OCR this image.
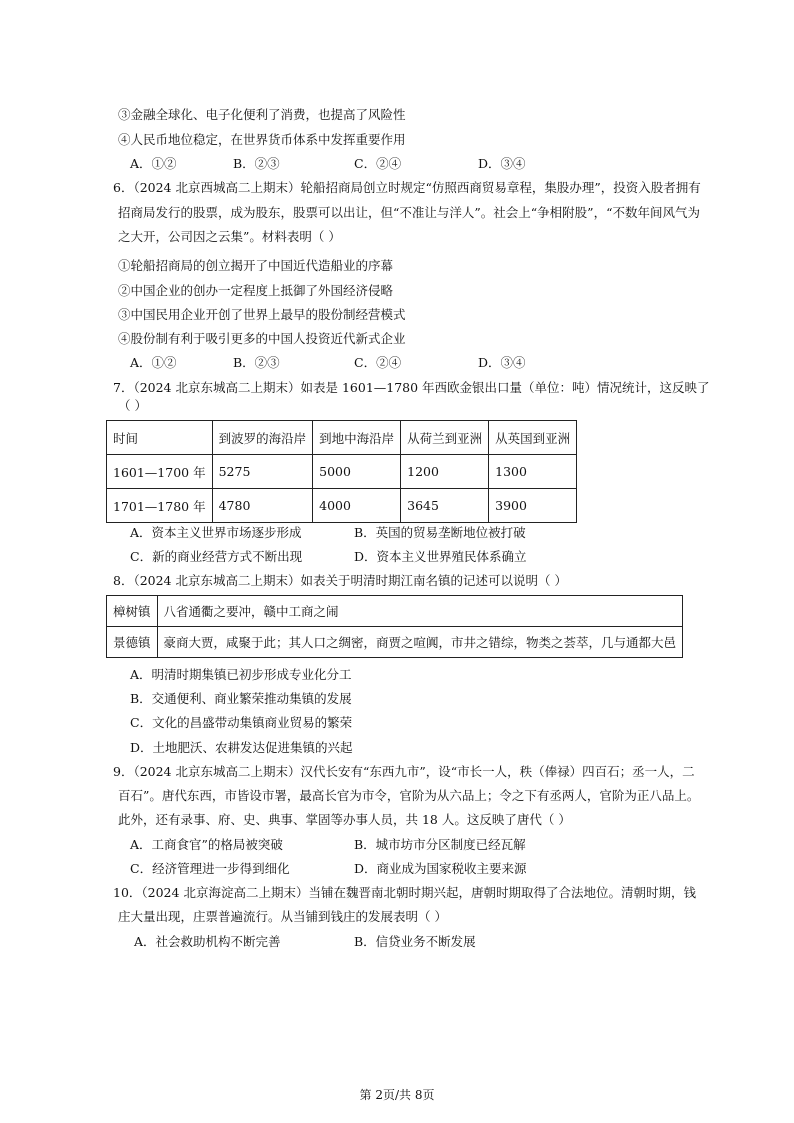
③金融全球化、电子化便利了消费，也提高了风险性
④人民币地位稳定，在世界货币体系中发挥重要作用
A．①②	B．②③	C．②④	D．③④
6．（2024 北京西城高二上期末）轮船招商局创立时规定“仿照西商贸易章程，集股办理”，投资入股者拥有
招商局发行的股票，成为股东，股票可以出让，但“不准让与洋人”。社会上“争相附股”，“不数年间风气为
之大开，公司因之云集”。材料表明（ ）
①轮船招商局的创立揭开了中国近代造船业的序幕
②中国企业的创办一定程度上抵御了外国经济侵略
③中国民用企业开创了世界上最早的股份制经营模式
④股份制有利于吸引更多的中国人投资近代新式企业
A．①②	B．②③	C．②④	D．③④
7．（2024 北京东城高二上期末）如表是 1601—1780 年西欧金银出口量（单位：吨）情况统计，这反映了
（ ）
时间	到波罗的海沿岸	到地中海沿岸	从荷兰到亚洲	从英国到亚洲
1601—1700 年	5275	5000	1200	1300
1701—1780 年	4780	4000	3645	3900
A．资本主义世界市场逐步形成	B．英国的贸易垄断地位被打破
C．新的商业经营方式不断出现	D．资本主义世界殖民体系确立
8．（2024 北京东城高二上期末）如表关于明清时期江南名镇的记述可以说明（ ）
樟树镇	八省通衢之要冲，赣中工商之闹
景德镇	豪商大贾，咸聚于此；其人口之绸密，商贾之喧阗，市井之错综，物类之荟萃，几与通都大邑
A．明清时期集镇已初步形成专业化分工
B．交通便利、商业繁荣推动集镇的发展
C．文化的昌盛带动集镇商业贸易的繁荣
D．土地肥沃、农耕发达促进集镇的兴起
9．（2024 北京东城高二上期末）汉代长安有“东西九市”，设“市长一人，秩（俸禄）四百石；丞一人，二
百石”。唐代东西，市皆设市署，最高长官为市令，官阶为从六品上；令之下有丞两人，官阶为正八品上。
此外，还有录事、府、史、典事、掌固等办事人员，共 18 人。这反映了唐代（ ）
A．工商食官”的格局被突破	B．城市坊市分区制度已经瓦解
C．经济管理进一步得到细化	D．商业成为国家税收主要来源
10．（2024 北京海淀高二上期末）当铺在魏晋南北朝时期兴起，唐朝时期取得了合法地位。清朝时期，钱
庄大量出现，庄票普遍流行。从当铺到钱庄的发展表明（ ）
A．社会救助机构不断完善	B．信贷业务不断发展
第 2页/共 8页
